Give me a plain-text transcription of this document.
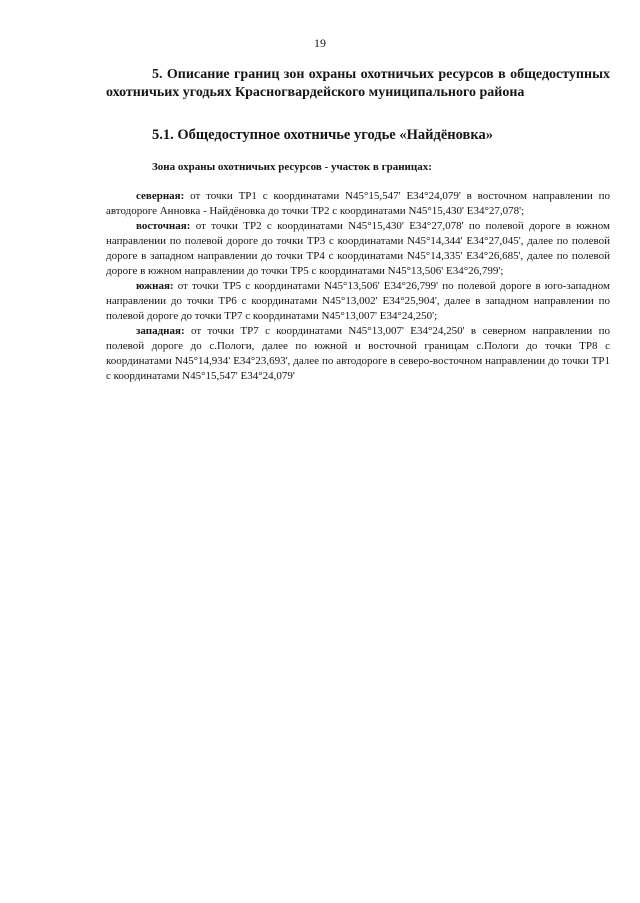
19

5. Описание границ зон охраны охотничьих ресурсов в общедоступных охотничьих угодьях Красногвардейского муниципального района

5.1. Общедоступное охотничье угодье «Найдёновка»

Зона охраны охотничьих ресурсов - участок в границах:

северная: от точки ТР1 с координатами N45°15,547' E34°24,079' в восточном направлении по автодороге Анновка - Найдёновка до точки ТР2 с координатами N45°15,430' E34°27,078';

восточная: от точки ТР2 с координатами N45°15,430' E34°27,078' по полевой дороге в южном направлении по полевой дороге до точки ТР3 с координатами N45°14,344' E34°27,045', далее по полевой дороге в западном направлении до точки ТР4 с координатами N45°14,335' E34°26,685', далее по полевой дороге в южном направлении до точки ТР5 с координатами N45°13,506' E34°26,799';

южная: от точки ТР5 с координатами N45°13,506' E34°26,799' по полевой дороге в юго-западном направлении до точки ТР6 с координатами N45°13,002' E34°25,904', далее в западном направлении по полевой дороге до точки ТР7 с координатами N45°13,007' E34°24,250';

западная: от точки ТР7 с координатами N45°13,007' E34°24,250' в северном направлении по полевой дороге до с.Пологи, далее по южной и восточной границам с.Пологи до точки ТР8 с координатами N45°14,934' E34°23,693', далее по автодороге в северо-восточном направлении до точки ТР1 с координатами N45°15,547' E34°24,079'
